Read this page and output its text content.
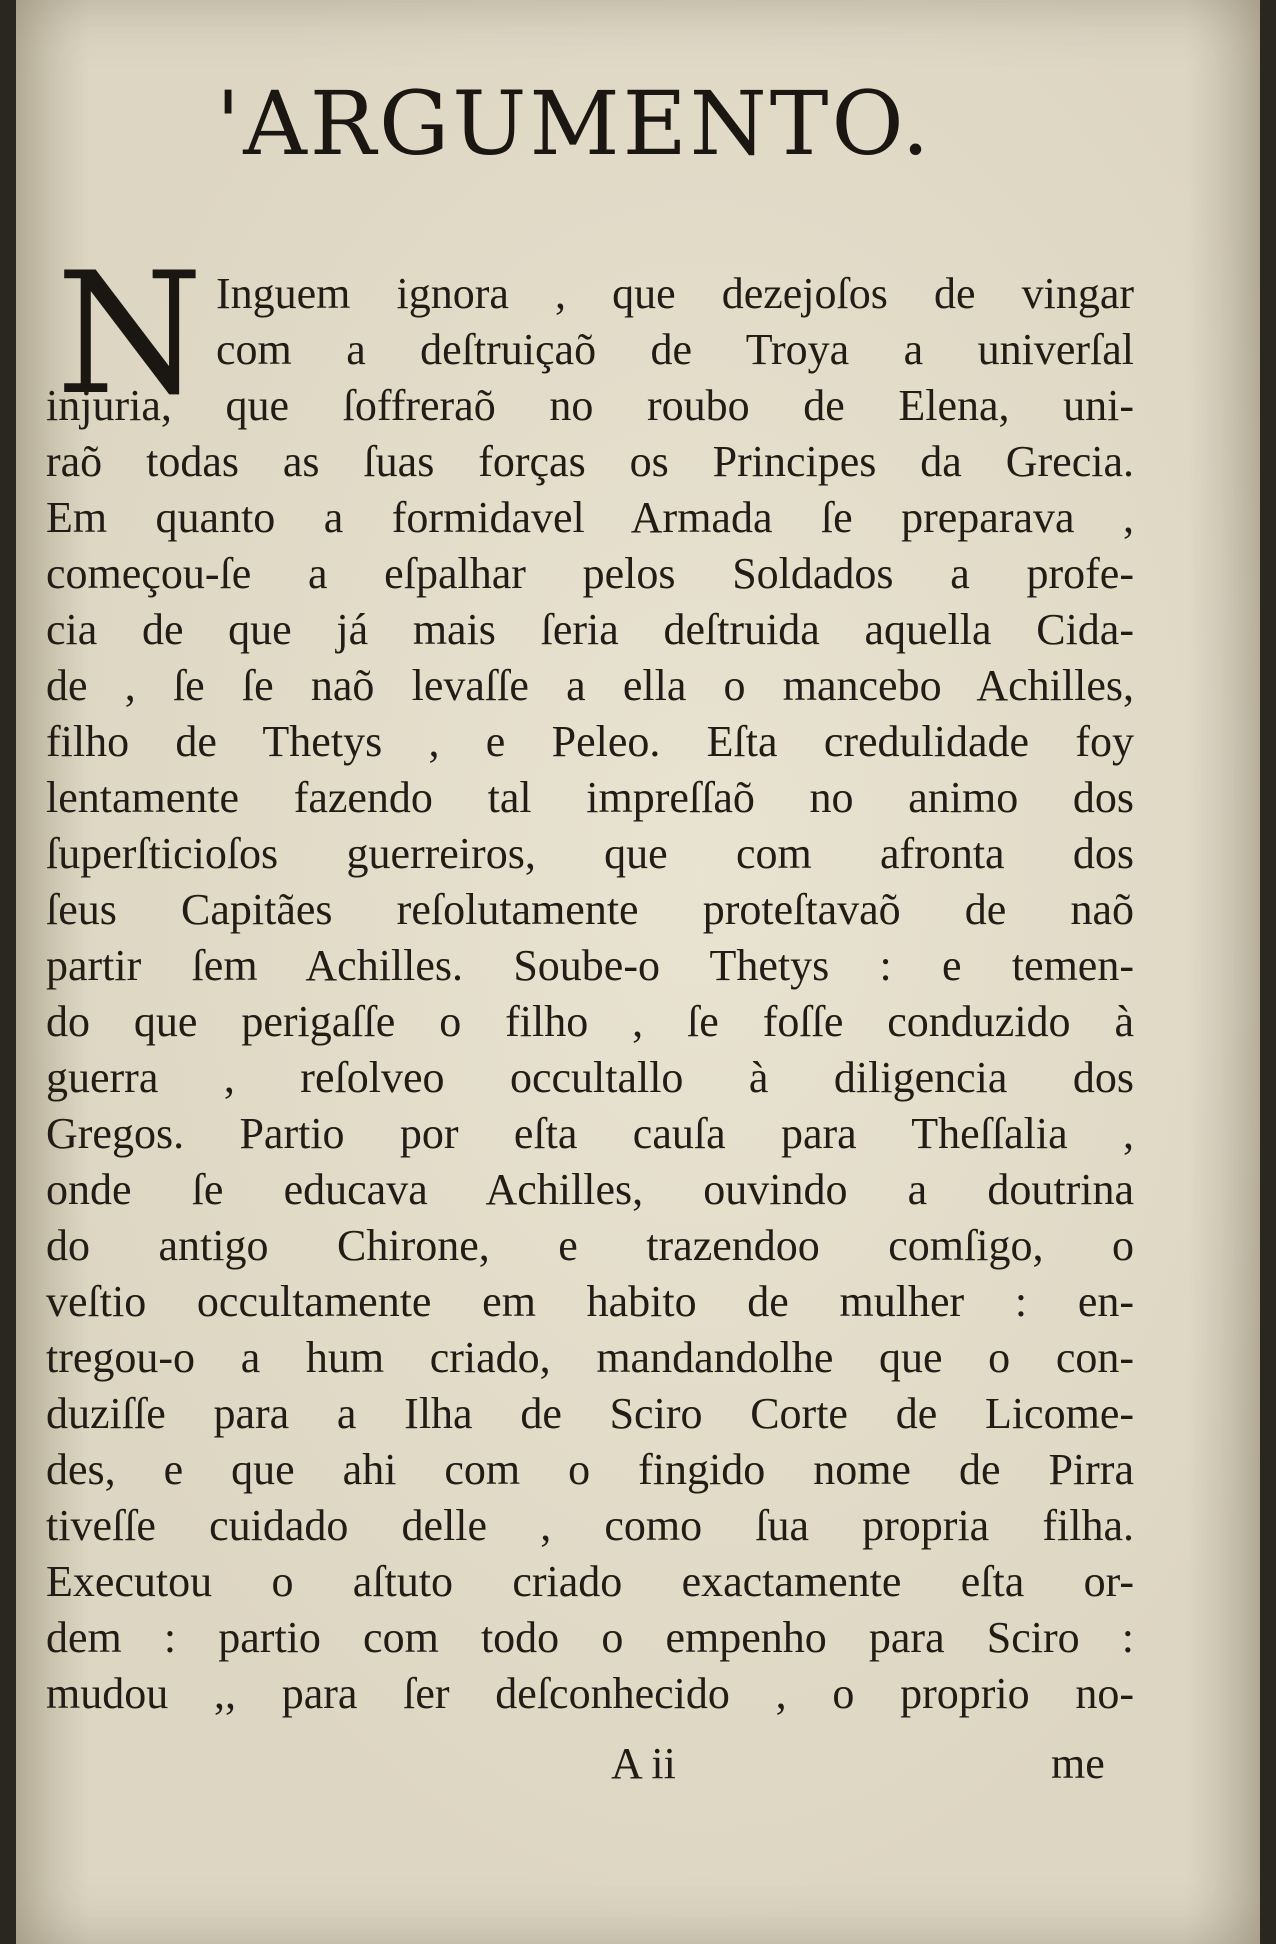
'ARGUMENTO.
N Inguem ignora , que dezejoſos de vingar
com a deſtruiçaõ de Troya a univerſal
injuria, que ſoffreraõ no roubo de Elena, uni-
raõ todas as ſuas forças os Principes da Grecia.
Em quanto a formidavel Armada ſe preparava ,
começou-ſe a eſpalhar pelos Soldados a profe-
cia de que já mais ſeria deſtruida aquella Cida-
de , ſe ſe naõ levaſſe a ella o mancebo Achilles,
filho de Thetys , e Peleo. Eſta credulidade foy
lentamente fazendo tal impreſſaõ no animo dos
ſuperſticioſos guerreiros, que com afronta dos
ſeus Capitães reſolutamente proteſtavaõ de naõ
partir ſem Achilles. Soube-o Thetys : e temen-
do que perigaſſe o filho , ſe foſſe conduzido à
guerra , reſolveo occultallo à diligencia dos
Gregos. Partio por eſta cauſa para Theſſalia ,
onde ſe educava Achilles, ouvindo a doutrina
do antigo Chirone, e trazendoo comſigo, o
veſtio occultamente em habito de mulher : en-
tregou-o a hum criado, mandandolhe que o con-
duziſſe para a Ilha de Sciro Corte de Licome-
des, e que ahi com o fingido nome de Pirra
tiveſſe cuidado delle , como ſua propria filha.
Executou o aſtuto criado exactamente eſta or-
dem : partio com todo o empenho para Sciro :
mudou ,, para ſer deſconhecido , o proprio no-
A ii	me
